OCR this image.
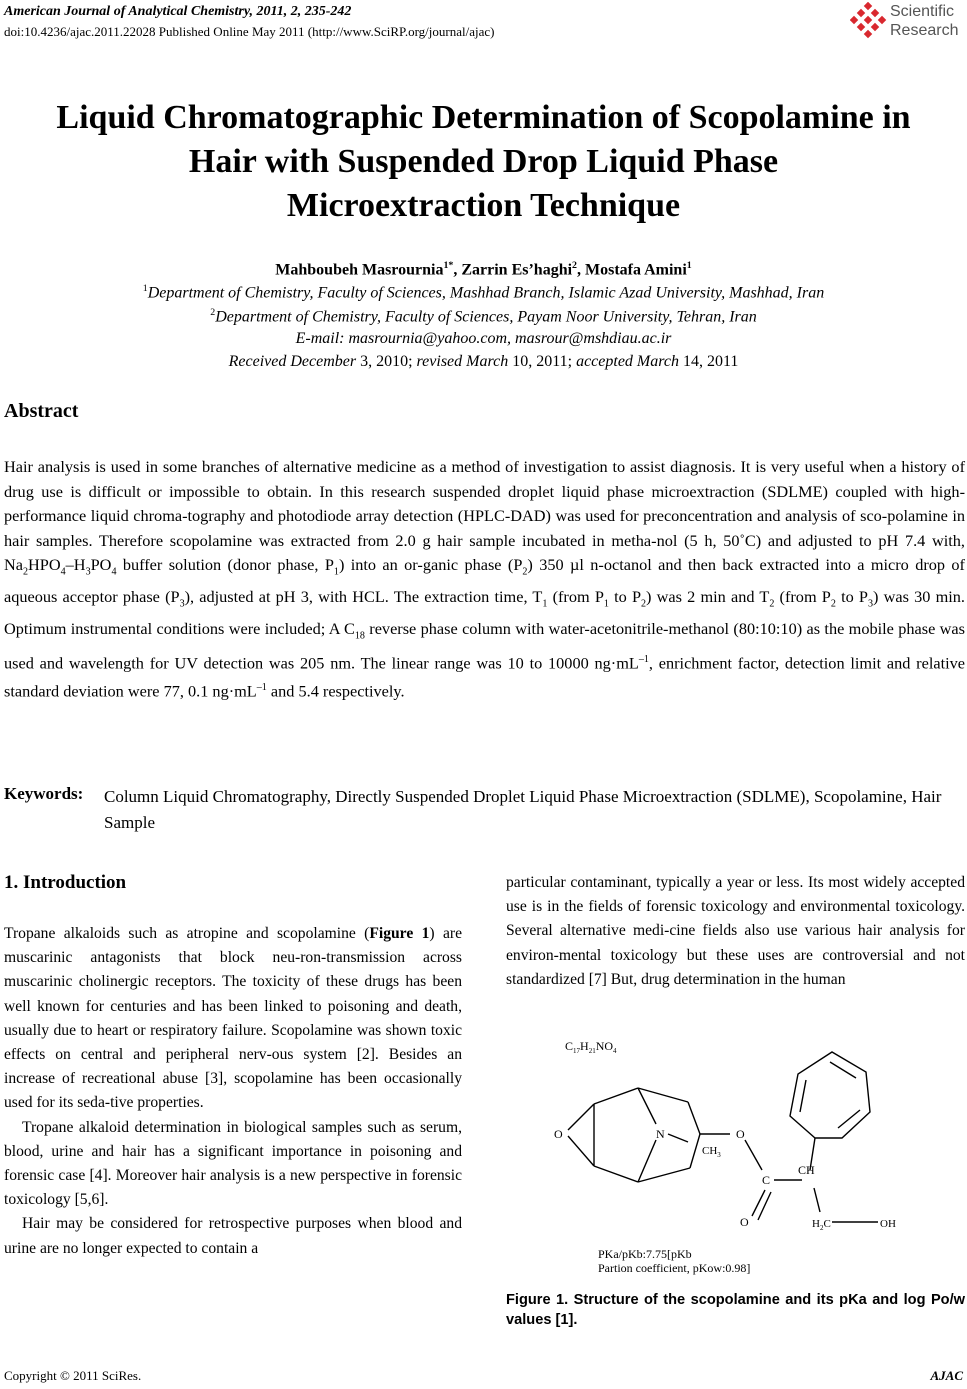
American Journal of Analytical Chemistry, 2011, 2, 235-242
doi:10.4236/ajac.2011.22028 Published Online May 2011 (http://www.SciRP.org/journal/ajac)
Scientific
Research
Liquid Chromatographic Determination of Scopolamine in
Hair with Suspended Drop Liquid Phase
Microextraction Technique
Mahboubeh Masrournia$^{1*}$, Zarrin Es’haghi$^2$, Mostafa Amini$^1$
$^1$Department of Chemistry, Faculty of Sciences, Mashhad Branch, Islamic Azad University, Mashhad, Iran
$^2$Department of Chemistry, Faculty of Sciences, Payam Noor University, Tehran, Iran
E-mail: masrournia@yahoo.com, masrour@mshdiau.ac.ir
Received December 3, 2010; revised March 10, 2011; accepted March 14, 2011
Abstract
Hair analysis is used in some branches of alternative medicine as a method of investigation to assist diagnosis. It is very useful when a history of drug use is difficult or impossible to obtain. In this research suspended droplet liquid phase microextraction (SDLME) coupled with high-performance liquid chroma-tography and photodiode array detection (HPLC-DAD) was used for preconcentration and analysis of sco-polamine in hair samples. Therefore scopolamine was extracted from 2.0 g hair sample incubated in metha-nol (5 h, 50˚C) and adjusted to pH 7.4 with, $Na_2HPO_4-H_3PO_4$ buffer solution (donor phase, $P_1$) into an or-ganic phase $(P_2)$ 350 µl n-octanol and then back extracted into a micro drop of aqueous acceptor phase $(P_3)$, adjusted at pH 3, with HCL. The extraction time, $T_1$ (from $P_1$ to $P_2$) was 2 min and $T_2$ (from $P_2$ to $P_3$) was 30 min. Optimum instrumental conditions were included; A $C_{18}$ reverse phase column with water-acetonitrile-methanol (80:10:10) as the mobile phase was used and wavelength for UV detection was 205 nm. The linear range was 10 to 10000 $ng\cdot mL^{-1}$, enrichment factor, detection limit and relative standard deviation were 77, 0.1 $ng\cdot mL^{-1}$ and 5.4 respectively.
Keywords: Column Liquid Chromatography, Directly Suspended Droplet Liquid Phase Microextraction (SDLME), Scopolamine, Hair Sample
1. Introduction

Tropane alkaloids such as atropine and scopolamine (Figure 1) are muscarinic antagonists that block neu-ron-transmission across muscarinic cholinergic receptors. The toxicity of these drugs has been well known for centuries and has been linked to poisoning and death, usually due to heart or respiratory failure. Scopolamine was shown toxic effects on central and peripheral nerv-ous system [2]. Besides an increase of recreational abuse [3], scopolamine has been occasionally used for its seda-tive properties.

Tropane alkaloid determination in biological samples such as serum, blood, urine and hair has a significant importance in poisoning and forensic case [4]. Moreover hair analysis is a new perspective in forensic toxicology [5,6].

Hair may be considered for retrospective purposes when blood and urine are no longer expected to contain a

particular contaminant, typically a year or less. Its most widely accepted use is in the fields of forensic toxicology and environmental toxicology. Several alternative medi-cine fields also use various hair analysis for environ-mental toxicology but these uses are controversial and not standardized [7] But, drug determination in the human
$C_{17}H_{21}NO_4$
O	N
$CH_3$
O
C
O
CH
$H_2C$	OH
PKa/pKb:7.75[pKb
Partion coefficient, pKow:0.98]
Figure 1. Structure of the scopolamine and its pKa and log Po/w values [1].
Copyright © 2011 SciRes.	AJAC
